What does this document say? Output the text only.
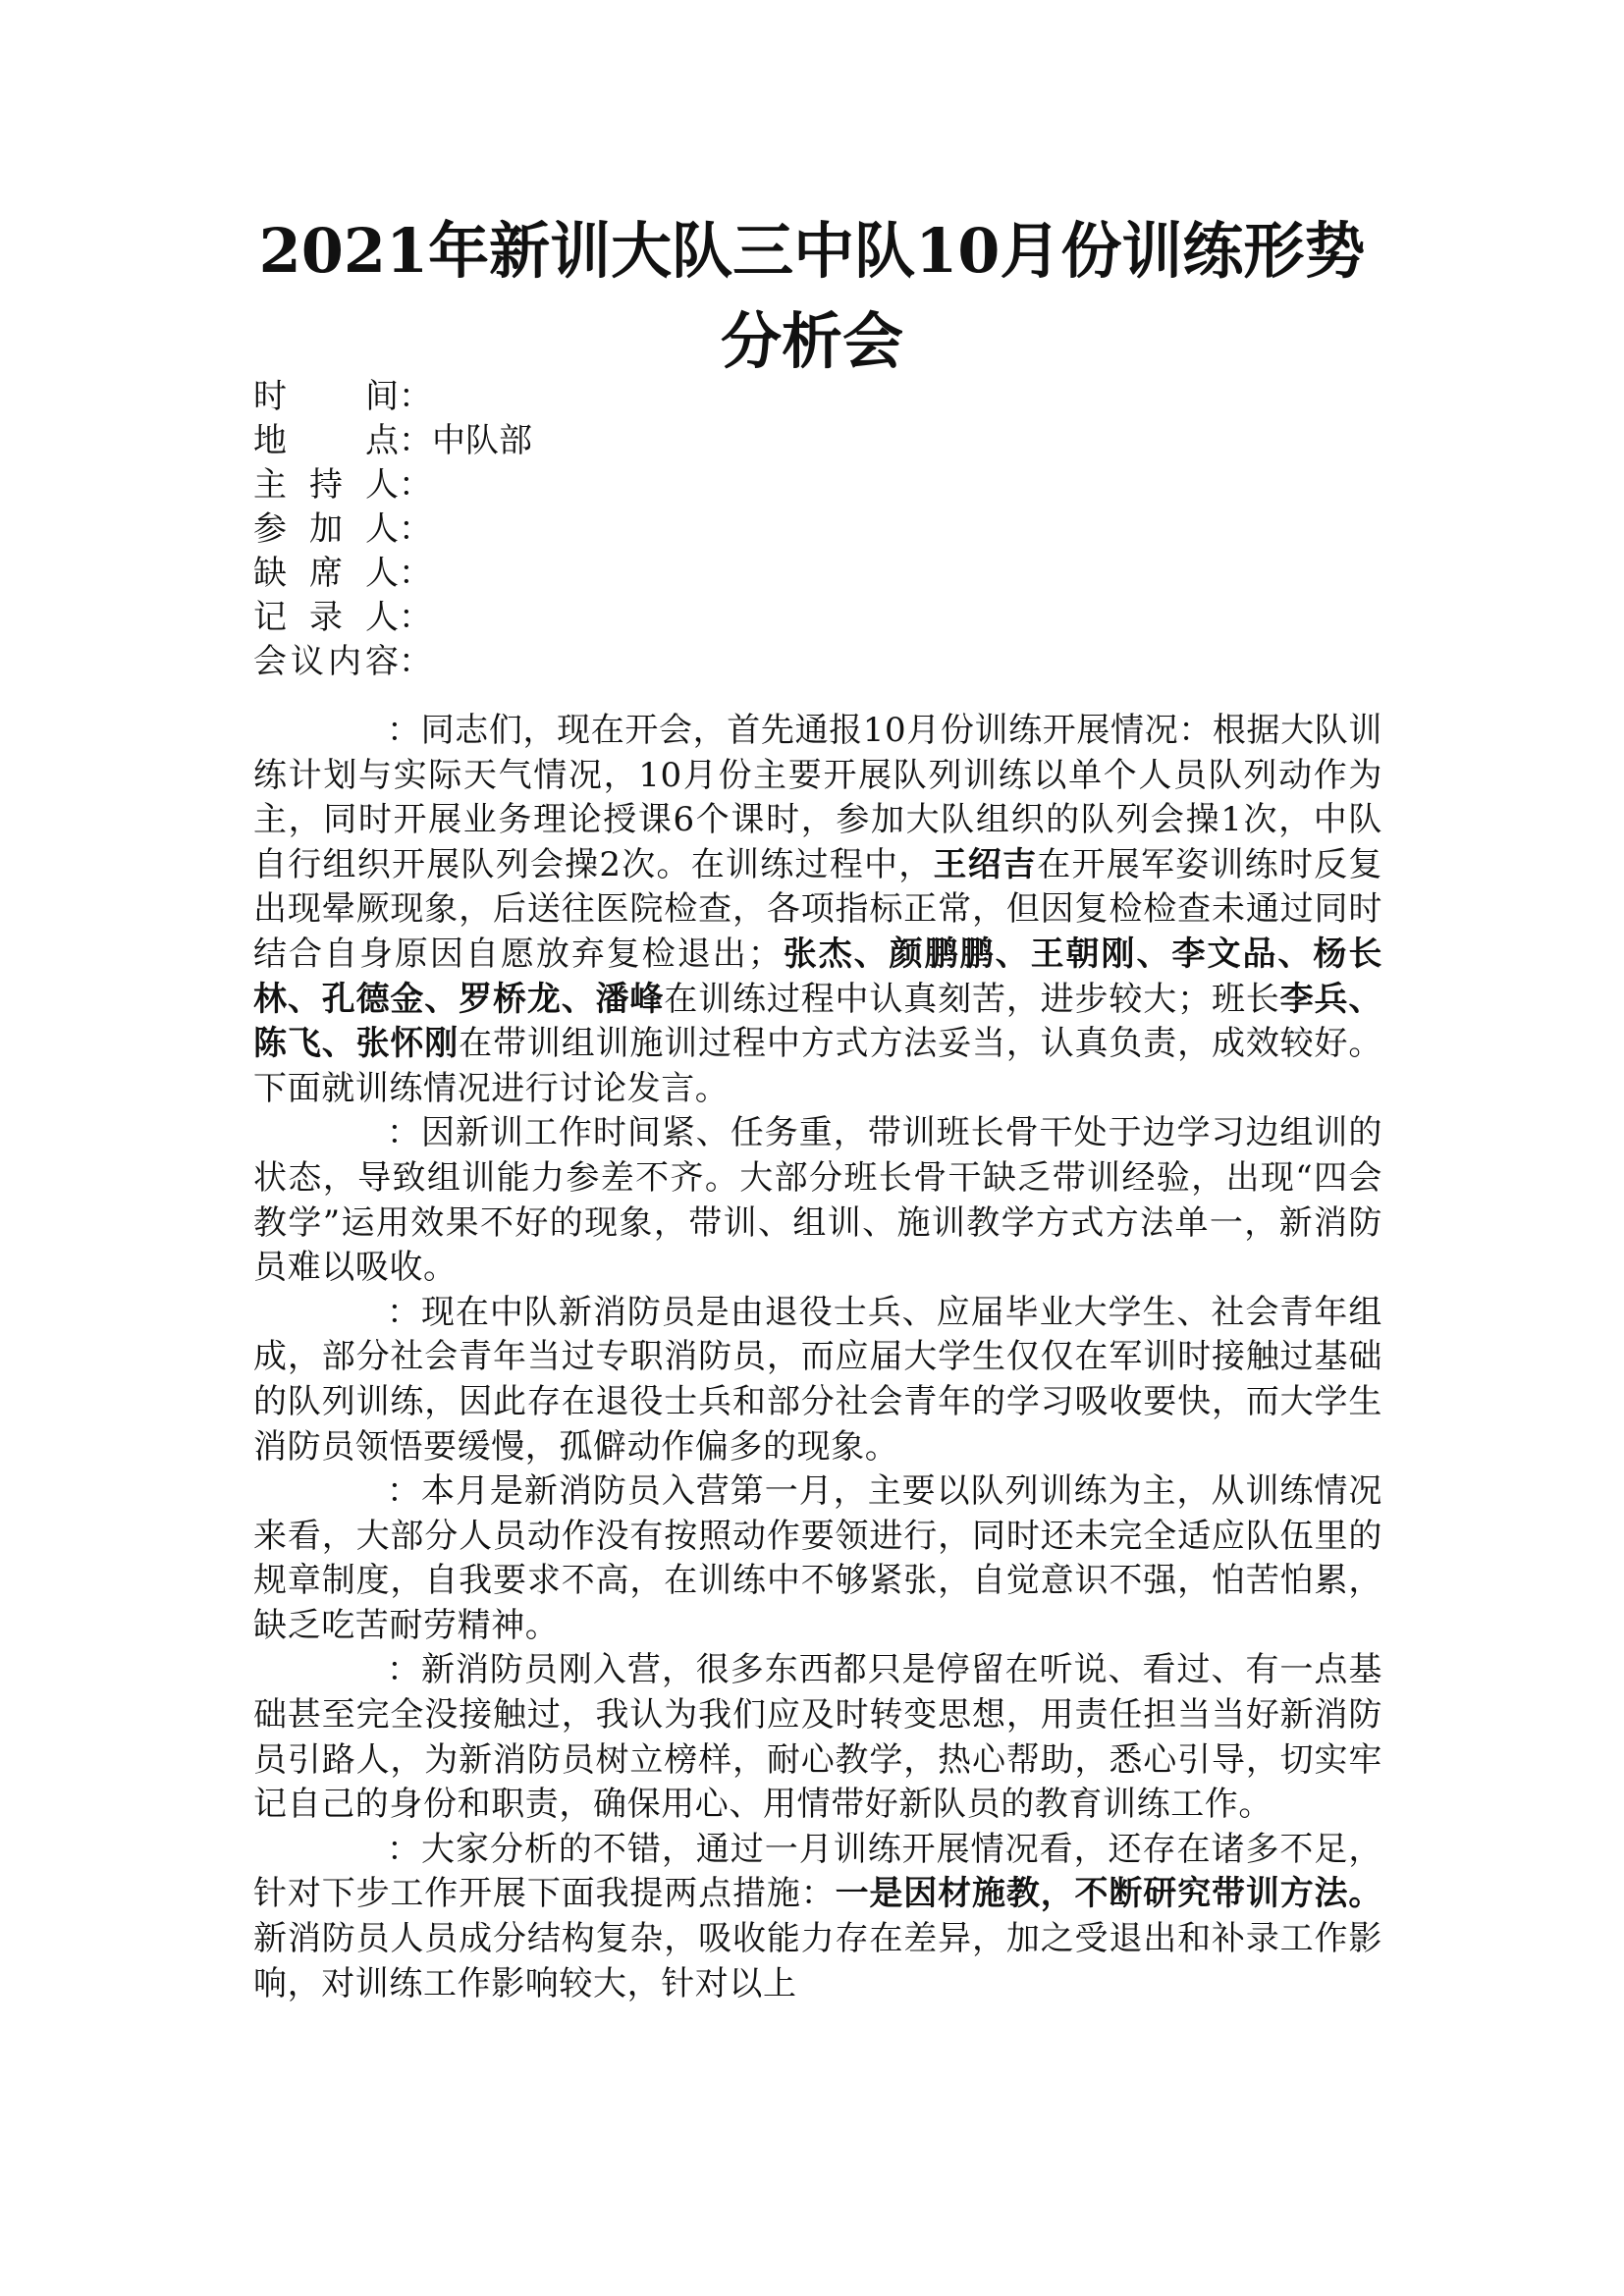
2021年新训大队三中队10月份训练形势分析会
时间：
地点：中队部
主持人：
参加人：
缺席人：
记录人：
会议内容：

：同志们，现在开会，首先通报10月份训练开展情况：根据大队训练计划与实际天气情况，10月份主要开展队列训练以单个人员队列动作为主，同时开展业务理论授课6个课时，参加大队组织的队列会操1次，中队自行组织开展队列会操2次。在训练过程中，王绍吉在开展军姿训练时反复出现晕厥现象，后送往医院检查，各项指标正常，但因复检检查未通过同时结合自身原因自愿放弃复检退出；张杰、颜鹏鹏、王朝刚、李文品、杨长林、孔德金、罗桥龙、潘峰在训练过程中认真刻苦，进步较大；班长李兵、陈飞、张怀刚在带训组训施训过程中方式方法妥当，认真负责，成效较好。下面就训练情况进行讨论发言。

：因新训工作时间紧、任务重，带训班长骨干处于边学习边组训的状态，导致组训能力参差不齐。大部分班长骨干缺乏带训经验，出现“四会教学”运用效果不好的现象，带训、组训、施训教学方式方法单一，新消防员难以吸收。

：现在中队新消防员是由退役士兵、应届毕业大学生、社会青年组成，部分社会青年当过专职消防员，而应届大学生仅仅在军训时接触过基础的队列训练，因此存在退役士兵和部分社会青年的学习吸收要快，而大学生消防员领悟要缓慢，孤僻动作偏多的现象。

：本月是新消防员入营第一月，主要以队列训练为主，从训练情况来看，大部分人员动作没有按照动作要领进行，同时还未完全适应队伍里的规章制度，自我要求不高，在训练中不够紧张，自觉意识不强，怕苦怕累，缺乏吃苦耐劳精神。

：新消防员刚入营，很多东西都只是停留在听说、看过、有一点基础甚至完全没接触过，我认为我们应及时转变思想，用责任担当当好新消防员引路人，为新消防员树立榜样，耐心教学，热心帮助，悉心引导，切实牢记自己的身份和职责，确保用心、用情带好新队员的教育训练工作。

：大家分析的不错，通过一月训练开展情况看，还存在诸多不足，针对下步工作开展下面我提两点措施：一是因材施教，不断研究带训方法。新消防员人员成分结构复杂，吸收能力存在差异，加之受退出和补录工作影响，对训练工作影响较大，针对以上
